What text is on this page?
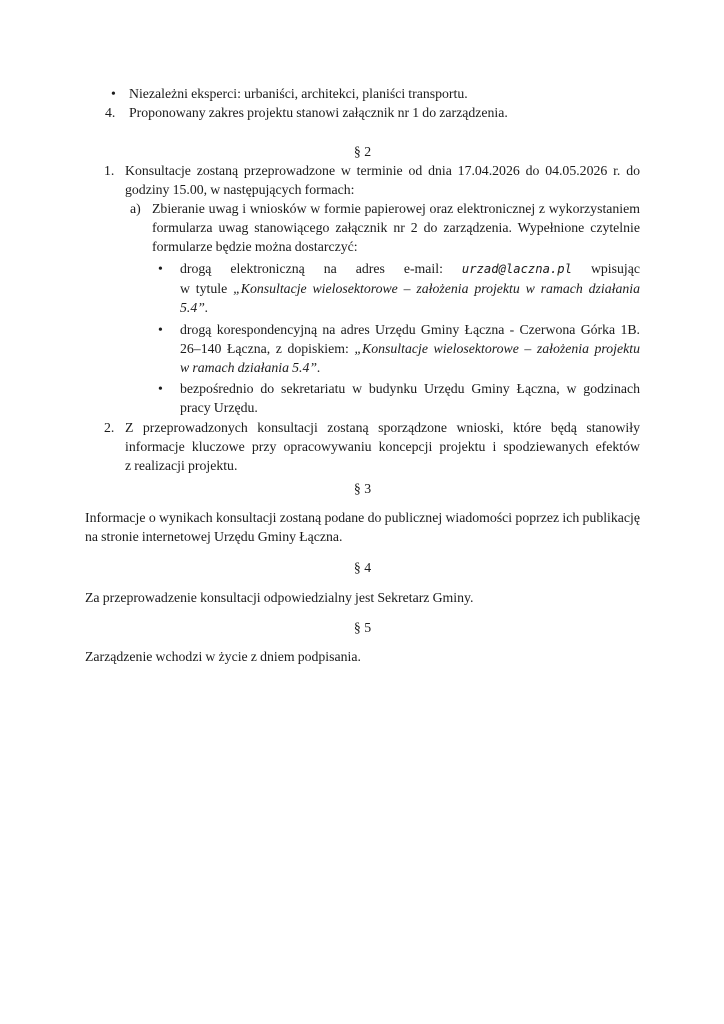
• Niezależni eksperci: urbaniści, architekci, planiści transportu.
4. Proponowany zakres projektu stanowi załącznik nr 1 do zarządzenia.
§ 2
1. Konsultacje zostaną przeprowadzone w terminie od dnia 17.04.2026 do 04.05.2026 r. do godziny 15.00, w następujących formach:
a) Zbieranie uwag i wniosków w formie papierowej oraz elektronicznej z wykorzystaniem formularza uwag stanowiącego załącznik nr 2 do zarządzenia. Wypełnione czytelnie formularze będzie można dostarczyć:
•	drogą elektroniczną na adres e-mail: urzad@laczna.pl wpisując w tytule „Konsultacje wielosektorowe – założenia projektu w ramach działania 5.4”.
•	drogą korespondencyjną na adres Urzędu Gminy Łączna - Czerwona Górka 1B. 26–140 Łączna, z dopiskiem: „Konsultacje wielosektorowe – założenia projektu w ramach działania 5.4”.
•	bezpośrednio do sekretariatu w budynku Urzędu Gminy Łączna, w godzinach pracy Urzędu.
2. Z przeprowadzonych konsultacji zostaną sporządzone wnioski, które będą stanowiły informacje kluczowe przy opracowywaniu koncepcji projektu i spodziewanych efektów z realizacji projektu.
§ 3
Informacje o wynikach konsultacji zostaną podane do publicznej wiadomości poprzez ich publikację na stronie internetowej Urzędu Gminy Łączna.
§ 4
Za przeprowadzenie konsultacji odpowiedzialny jest Sekretarz Gminy.
§ 5
Zarządzenie wchodzi w życie z dniem podpisania.
